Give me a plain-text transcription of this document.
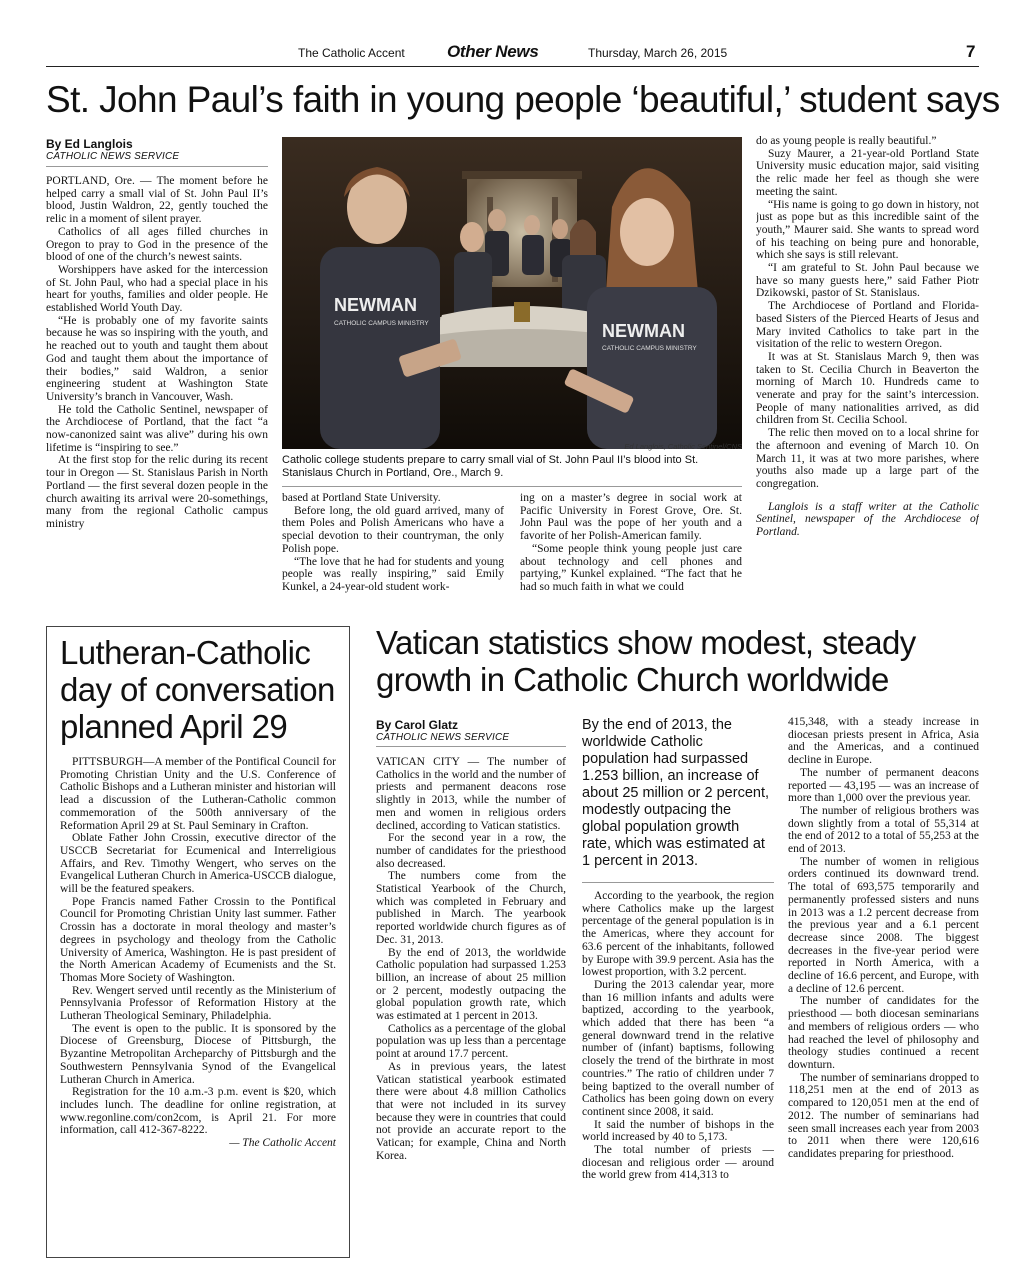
The Catholic Accent Other News	Thursday, March 26, 2015	7
St. John Paul’s faith in young people ‘beautiful,’ student says
By Ed Langlois
CATHOLIC NEWS SERVICE

PORTLAND, Ore. — The moment before he helped carry a small vial of St. John Paul II’s blood, Justin Waldron, 22, gently touched the relic in a moment of silent prayer.

Catholics of all ages filled churches in Oregon to pray to God in the presence of the blood of one of the church’s newest saints.

Worshippers have asked for the intercession of St. John Paul, who had a special place in his heart for youths, families and older people. He established World Youth Day.

“He is probably one of my favorite saints because he was so inspiring with the youth, and he reached out to youth and taught them about God and taught them about the importance of their bodies,” said Waldron, a senior engineering student at Washington State University’s branch in Vancouver, Wash.

He told the Catholic Sentinel, newspaper of the Archdiocese of Portland, that the fact “a now-canonized saint was alive” during his own lifetime is “inspiring to see.”

At the first stop for the relic during its recent tour in Oregon — St. Stanislaus Parish in North Portland — the first several dozen people in the church awaiting its arrival were 20-somethings, many from the regional Catholic campus ministry

NEWMAN
CATHOLIC CAMPUS MINISTRY	NEWMAN
CATHOLIC CAMPUS MINISTRY
Ed Langlois, Catholic Sentinel/CNS
Catholic college students prepare to carry small vial of St. John Paul II’s blood into St. Stanislaus Church in Portland, Ore., March 9.

based at Portland State University.

Before long, the old guard arrived, many of them Poles and Polish Americans who have a special devotion to their countryman, the only Polish pope.

“The love that he had for students and young people was really inspiring,” said Emily Kunkel, a 24-year-old student work-

ing on a master’s degree in social work at Pacific University in Forest Grove, Ore. St. John Paul was the pope of her youth and a favorite of her Polish-American family.

“Some people think young people just care about technology and cell phones and partying,” Kunkel explained. “The fact that he had so much faith in what we could

do as young people is really beautiful.”

Suzy Maurer, a 21-year-old Portland State University music education major, said visiting the relic made her feel as though she were meeting the saint.

“His name is going to go down in history, not just as pope but as this incredible saint of the youth,” Maurer said. She wants to spread word of his teaching on being pure and honorable, which she says is still relevant.

“I am grateful to St. John Paul because we have so many guests here,” said Father Piotr Dzikowski, pastor of St. Stanislaus.

The Archdiocese of Portland and Florida-based Sisters of the Pierced Hearts of Jesus and Mary invited Catholics to take part in the visitation of the relic to western Oregon.

It was at St. Stanislaus March 9, then was taken to St. Cecilia Church in Beaverton the morning of March 10. Hundreds came to venerate and pray for the saint’s intercession. People of many nationalities arrived, as did children from St. Cecilia School.

The relic then moved on to a local shrine for the afternoon and evening of March 10. On March 11, it was at two more parishes, where youths also made up a large part of the congregation.

Langlois is a staff writer at the Catholic Sentinel, newspaper of the Archdiocese of Portland.

Lutheran-Catholic day of conversation planned April 29

PITTSBURGH—A member of the Pontifical Council for Promoting Christian Unity and the U.S. Conference of Catholic Bishops and a Lutheran minister and historian will lead a discussion of the Lutheran-Catholic common commemoration of the 500th anniversary of the Reformation April 29 at St. Paul Seminary in Crafton.

Oblate Father John Crossin, executive director of the USCCB Secretariat for Ecumenical and Interreligious Affairs, and Rev. Timothy Wengert, who serves on the Evangelical Lutheran Church in America-USCCB dialogue, will be the featured speakers.

Pope Francis named Father Crossin to the Pontifical Council for Promoting Christian Unity last summer. Father Crossin has a doctorate in moral theology and master’s degrees in psychology and theology from the Catholic University of America, Washington. He is past president of the North American Academy of Ecumenists and the St. Thomas More Society of Washington.

Rev. Wengert served until recently as the Ministerium of Pennsylvania Professor of Reformation History at the Lutheran Theological Seminary, Philadelphia.

The event is open to the public. It is sponsored by the Diocese of Greensburg, Diocese of Pittsburgh, the Byzantine Metropolitan Archeparchy of Pittsburgh and the Southwestern Pennsylvania Synod of the Evangelical Lutheran Church in America.

Registration for the 10 a.m.-3 p.m. event is $20, which includes lunch. The deadline for online registration, at www.regonline.com/con2com, is April 21. For more information, call 412-367-8222.

— The Catholic Accent

Vatican statistics show modest, steady growth in Catholic Church worldwide
By Carol Glatz
CATHOLIC NEWS SERVICE

VATICAN CITY — The number of Catholics in the world and the number of priests and permanent deacons rose slightly in 2013, while the number of men and women in religious orders declined, according to Vatican statistics.

For the second year in a row, the number of candidates for the priesthood also decreased.

The numbers come from the Statistical Yearbook of the Church, which was completed in February and published in March. The yearbook reported worldwide church figures as of Dec. 31, 2013.

By the end of 2013, the worldwide Catholic population had surpassed 1.253 billion, an increase of about 25 million or 2 percent, modestly outpacing the global population growth rate, which was estimated at 1 percent in 2013.

Catholics as a percentage of the global population was up less than a percentage point at around 17.7 percent.

As in previous years, the latest Vatican statistical yearbook estimated there were about 4.8 million Catholics that were not included in its survey because they were in countries that could not provide an accurate report to the Vatican; for example, China and North Korea.

By the end of 2013, the worldwide Catholic population had surpassed 1.253 billion, an increase of about 25 million or 2 percent, modestly outpacing the global population growth rate, which was estimated at 1 percent in 2013.

According to the yearbook, the region where Catholics make up the largest percentage of the general population is in the Americas, where they account for 63.6 percent of the inhabitants, followed by Europe with 39.9 percent. Asia has the lowest proportion, with 3.2 percent.

During the 2013 calendar year, more than 16 million infants and adults were baptized, according to the yearbook, which added that there has been “a general downward trend in the relative number of (infant) baptisms, following closely the trend of the birthrate in most countries.” The ratio of children under 7 being baptized to the overall number of Catholics has been going down on every continent since 2008, it said.

It said the number of bishops in the world increased by 40 to 5,173.

The total number of priests — diocesan and religious order — around the world grew from 414,313 to

415,348, with a steady increase in diocesan priests present in Africa, Asia and the Americas, and a continued decline in Europe.

The number of permanent deacons reported — 43,195 — was an increase of more than 1,000 over the previous year.

The number of religious brothers was down slightly from a total of 55,314 at the end of 2012 to a total of 55,253 at the end of 2013.

The number of women in religious orders continued its downward trend. The total of 693,575 temporarily and permanently professed sisters and nuns in 2013 was a 1.2 percent decrease from the previous year and a 6.1 percent decrease since 2008. The biggest decreases in the five-year period were reported in North America, with a decline of 16.6 percent, and Europe, with a decline of 12.6 percent.

The number of candidates for the priesthood — both diocesan seminarians and members of religious orders — who had reached the level of philosophy and theology studies continued a recent downturn.

The number of seminarians dropped to 118,251 men at the end of 2013 as compared to 120,051 men at the end of 2012. The number of seminarians had seen small increases each year from 2003 to 2011 when there were 120,616 candidates preparing for priesthood.
